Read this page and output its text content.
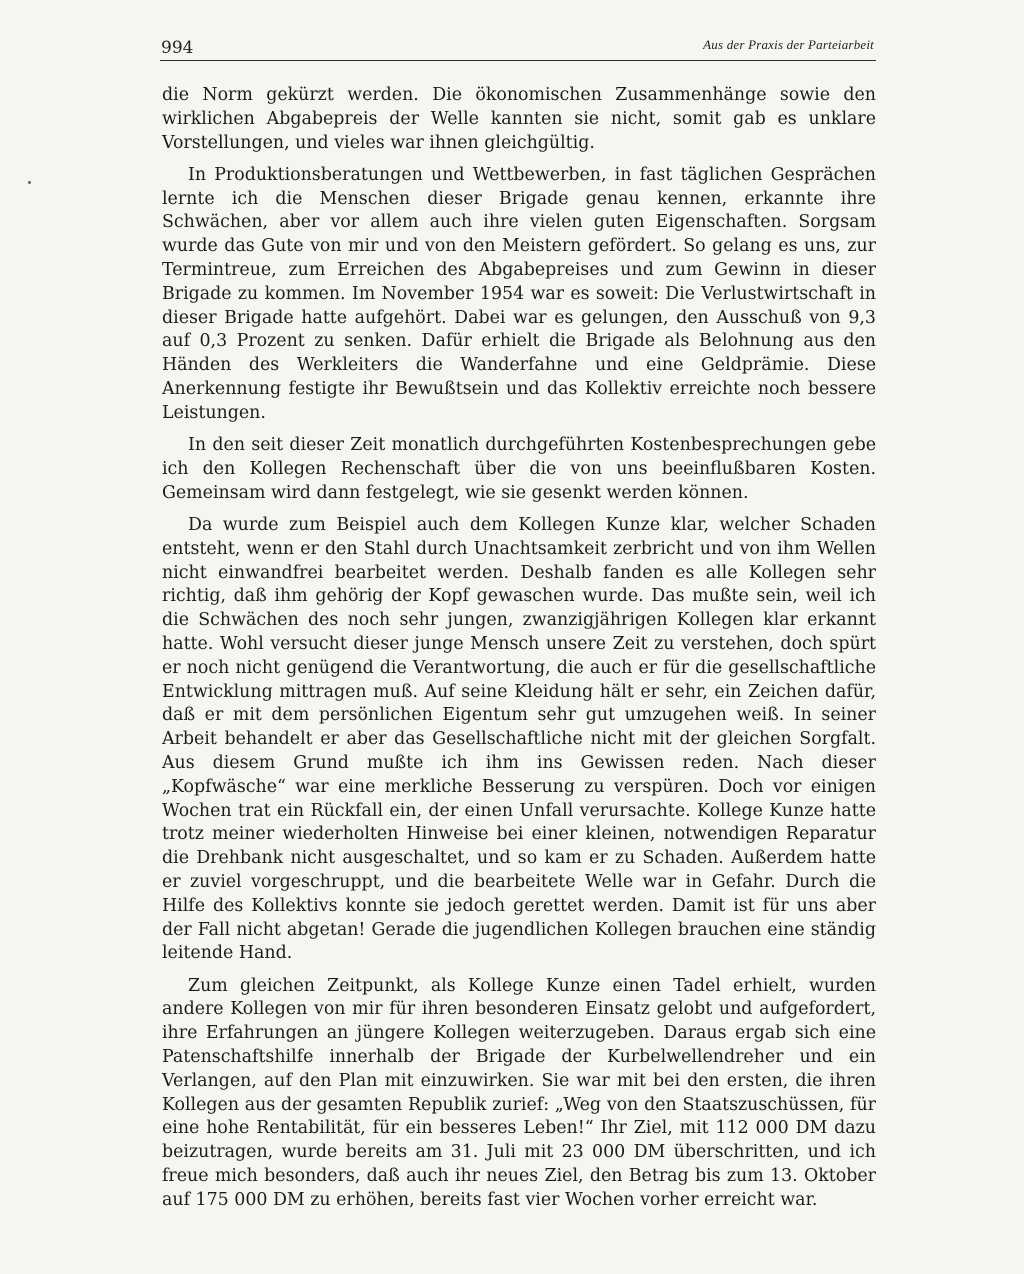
994	Aus der Praxis der Parteiarbeit

die Norm gekürzt werden. Die ökonomischen Zusammenhänge sowie den wirklichen Abgabepreis der Welle kannten sie nicht, somit gab es unklare Vorstellungen, und vieles war ihnen gleichgültig.

In Produktionsberatungen und Wettbewerben, in fast täglichen Gesprächen lernte ich die Menschen dieser Brigade genau kennen, erkannte ihre Schwächen, aber vor allem auch ihre vielen guten Eigenschaften. Sorgsam wurde das Gute von mir und von den Meistern gefördert. So gelang es uns, zur Termintreue, zum Erreichen des Abgabepreises und zum Gewinn in dieser Brigade zu kommen. Im November 1954 war es soweit: Die Verlustwirtschaft in dieser Brigade hatte aufgehört. Dabei war es gelungen, den Ausschuß von 9,3 auf 0,3 Prozent zu senken. Dafür erhielt die Brigade als Belohnung aus den Händen des Werkleiters die Wanderfahne und eine Geldprämie. Diese Anerkennung festigte ihr Bewußtsein und das Kollektiv erreichte noch bessere Leistungen.

In den seit dieser Zeit monatlich durchgeführten Kostenbesprechungen gebe ich den Kollegen Rechenschaft über die von uns beeinflußbaren Kosten. Gemeinsam wird dann festgelegt, wie sie gesenkt werden können.

Da wurde zum Beispiel auch dem Kollegen Kunze klar, welcher Schaden entsteht, wenn er den Stahl durch Unachtsamkeit zerbricht und von ihm Wellen nicht einwandfrei bearbeitet werden. Deshalb fanden es alle Kollegen sehr richtig, daß ihm gehörig der Kopf gewaschen wurde. Das mußte sein, weil ich die Schwächen des noch sehr jungen, zwanzigjährigen Kollegen klar erkannt hatte. Wohl versucht dieser junge Mensch unsere Zeit zu verstehen, doch spürt er noch nicht genügend die Verantwortung, die auch er für die gesellschaftliche Entwicklung mittragen muß. Auf seine Kleidung hält er sehr, ein Zeichen dafür, daß er mit dem persönlichen Eigentum sehr gut umzugehen weiß. In seiner Arbeit behandelt er aber das Gesellschaftliche nicht mit der gleichen Sorgfalt. Aus diesem Grund mußte ich ihm ins Gewissen reden. Nach dieser „Kopfwäsche“ war eine merkliche Besserung zu verspüren. Doch vor einigen Wochen trat ein Rückfall ein, der einen Unfall verursachte. Kollege Kunze hatte trotz meiner wiederholten Hinweise bei einer kleinen, notwendigen Reparatur die Drehbank nicht ausgeschaltet, und so kam er zu Schaden. Außerdem hatte er zuviel vorgeschruppt, und die bearbeitete Welle war in Gefahr. Durch die Hilfe des Kollektivs konnte sie jedoch gerettet werden. Damit ist für uns aber der Fall nicht abgetan! Gerade die jugendlichen Kollegen brauchen eine ständig leitende Hand.

Zum gleichen Zeitpunkt, als Kollege Kunze einen Tadel erhielt, wurden andere Kollegen von mir für ihren besonderen Einsatz gelobt und aufgefordert, ihre Erfahrungen an jüngere Kollegen weiterzugeben. Daraus ergab sich eine Patenschaftshilfe innerhalb der Brigade der Kurbelwellendreher und ein Verlangen, auf den Plan mit einzuwirken. Sie war mit bei den ersten, die ihren Kollegen aus der gesamten Republik zurief: „Weg von den Staatszuschüssen, für eine hohe Rentabilität, für ein besseres Leben!“ Ihr Ziel, mit 112 000 DM dazu beizutragen, wurde bereits am 31. Juli mit 23 000 DM überschritten, und ich freue mich besonders, daß auch ihr neues Ziel, den Betrag bis zum 13. Oktober auf 175 000 DM zu erhöhen, bereits fast vier Wochen vorher erreicht war.
